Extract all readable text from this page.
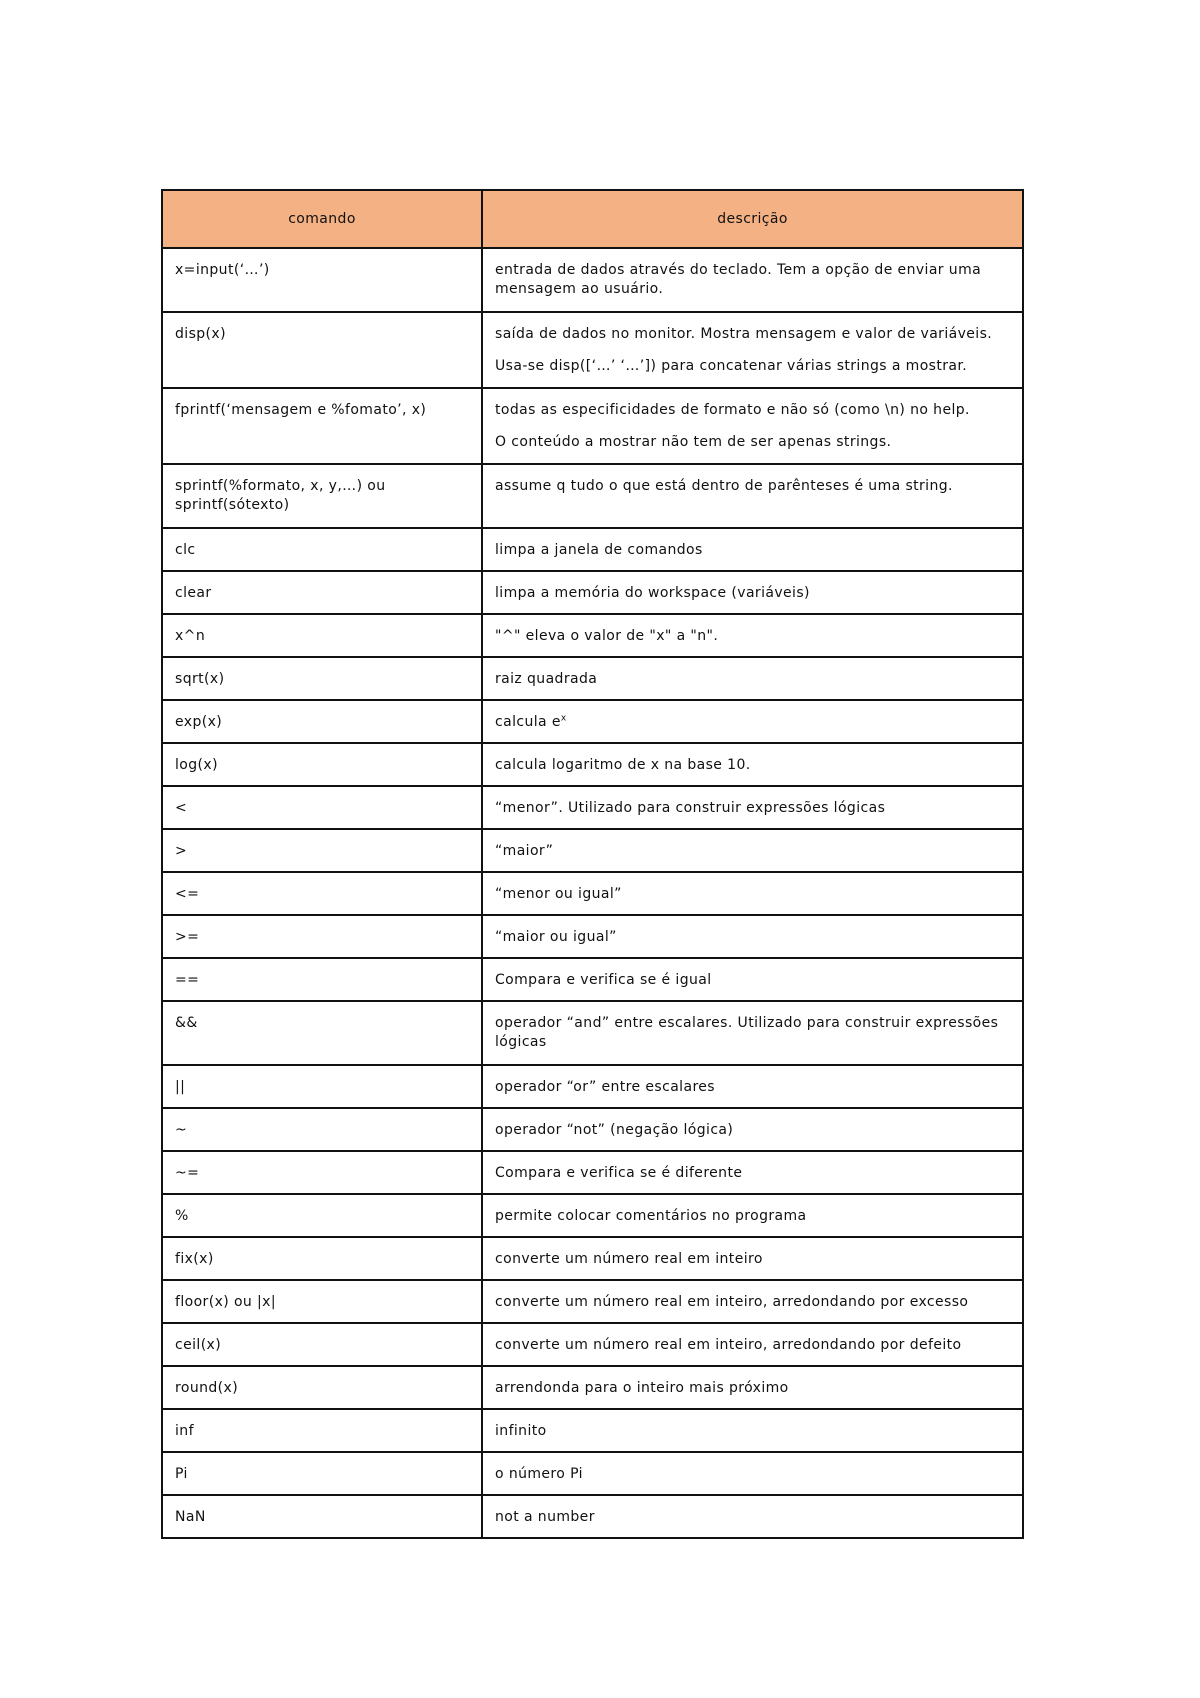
comando	descrição
x=input(‘…’)	entrada de dados através do teclado. Tem a opção de enviar uma mensagem ao usuário.

disp(x)	saída de dados no monitor. Mostra mensagem e valor de variáveis.
Usa-se disp([‘…’ ‘…’]) para concatenar várias strings a mostrar.

fprintf(‘mensagem e %fomato’, x)	todas as especificidades de formato e não só (como \n) no help.
O conteúdo a mostrar não tem de ser apenas strings.

sprintf(%formato, x, y,…) ou sprintf(sótexto)	assume q tudo o que está dentro de parênteses é uma string.

clc	limpa a janela de comandos

clear	limpa a memória do workspace (variáveis)

x^n	"^" eleva o valor de "x" a "n".

sqrt(x)	raiz quadrada

exp(x)	calcula $e^x$

log(x)	calcula logaritmo de x na base 10.

<	“menor”. Utilizado para construir expressões lógicas

>	“maior”

<=	“menor ou igual”

>=	“maior ou igual”

==	Compara e verifica se é igual

&&	operador “and” entre escalares. Utilizado para construir expressões lógicas

||	operador “or” entre escalares

~	operador “not” (negação lógica)

~=	Compara e verifica se é diferente

%	permite colocar comentários no programa

fix(x)	converte um número real em inteiro

floor(x) ou |x|	converte um número real em inteiro, arredondando por excesso

ceil(x)	converte um número real em inteiro, arredondando por defeito

round(x)	arrendonda para o inteiro mais próximo

inf	infinito

Pi	o número Pi

NaN	not a number
